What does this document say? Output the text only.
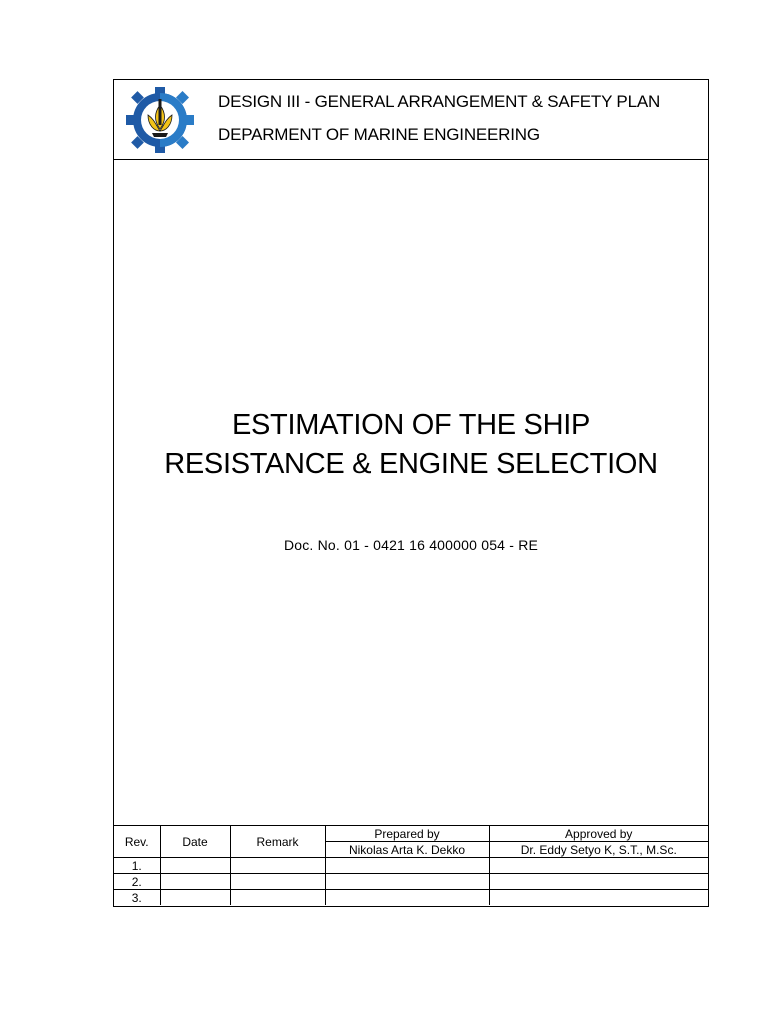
DESIGN III - GENERAL ARRANGEMENT & SAFETY PLAN
DEPARMENT OF MARINE ENGINEERING
ESTIMATION OF THE SHIP
RESISTANCE & ENGINE SELECTION
Doc. No. 01 - 0421 16 400000 054 - RE
Rev.	Date	Remark	Prepared by	Approved by
			Nikolas Arta K. Dekko	Dr. Eddy Setyo K, S.T., M.Sc.
1.				
2.				
3.				
